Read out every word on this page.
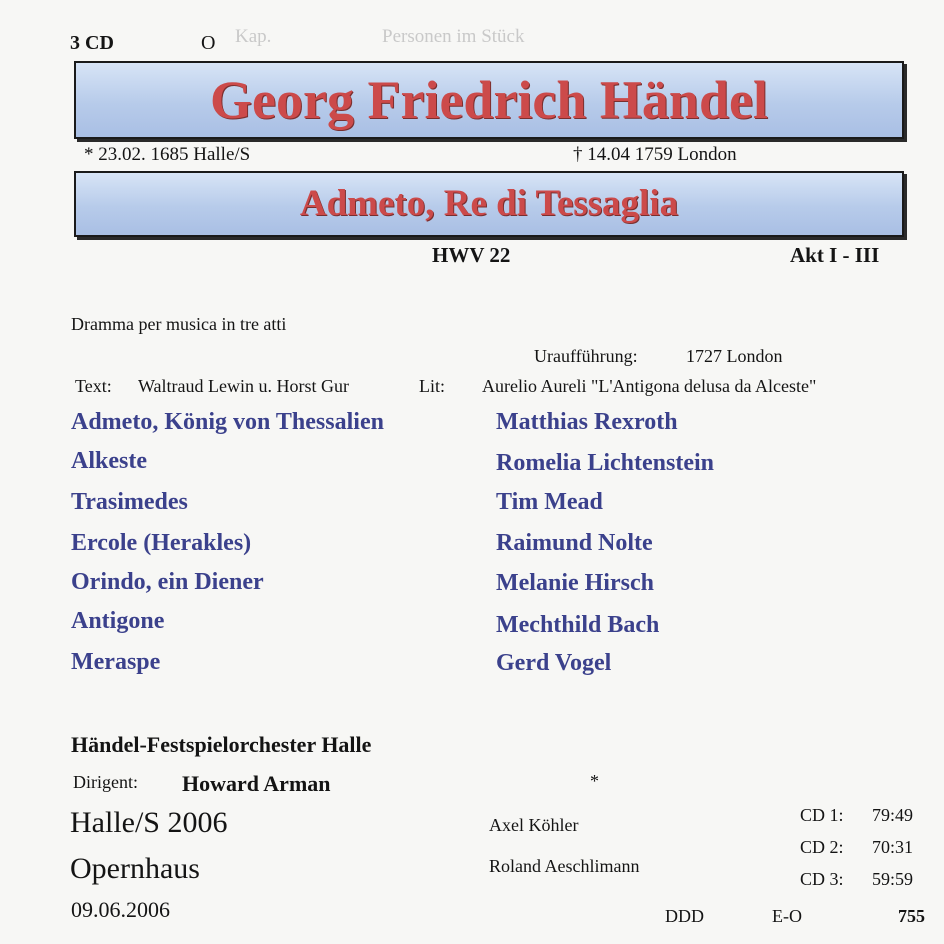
Kap.	Personen im Stück
3 CD	O
Georg Friedrich Händel
* 23.02. 1685 Halle/S	† 14.04 1759 London
Admeto, Re di Tessaglia
HWV 22	Akt I - III
Dramma per musica in tre atti
Uraufführung:	1727 London
Text: Waltraud Lewin u. Horst Gur	Lit: Aurelio Aureli "L'Antigona delusa da Alceste"
Admeto, König von Thessalien	Matthias Rexroth
Alkeste	Romelia Lichtenstein
Trasimedes	Tim Mead
Ercole (Herakles)	Raimund Nolte
Orindo, ein Diener	Melanie Hirsch
Antigone	Mechthild Bach
Meraspe	Gerd Vogel
Händel-Festspielorchester Halle
Dirigent: Howard Arman
Halle/S 2006
Opernhaus
09.06.2006
*
Axel Köhler
Roland Aeschlimann
CD 1: 79:49
CD 2: 70:31
CD 3: 59:59
DDD	E-O	755
